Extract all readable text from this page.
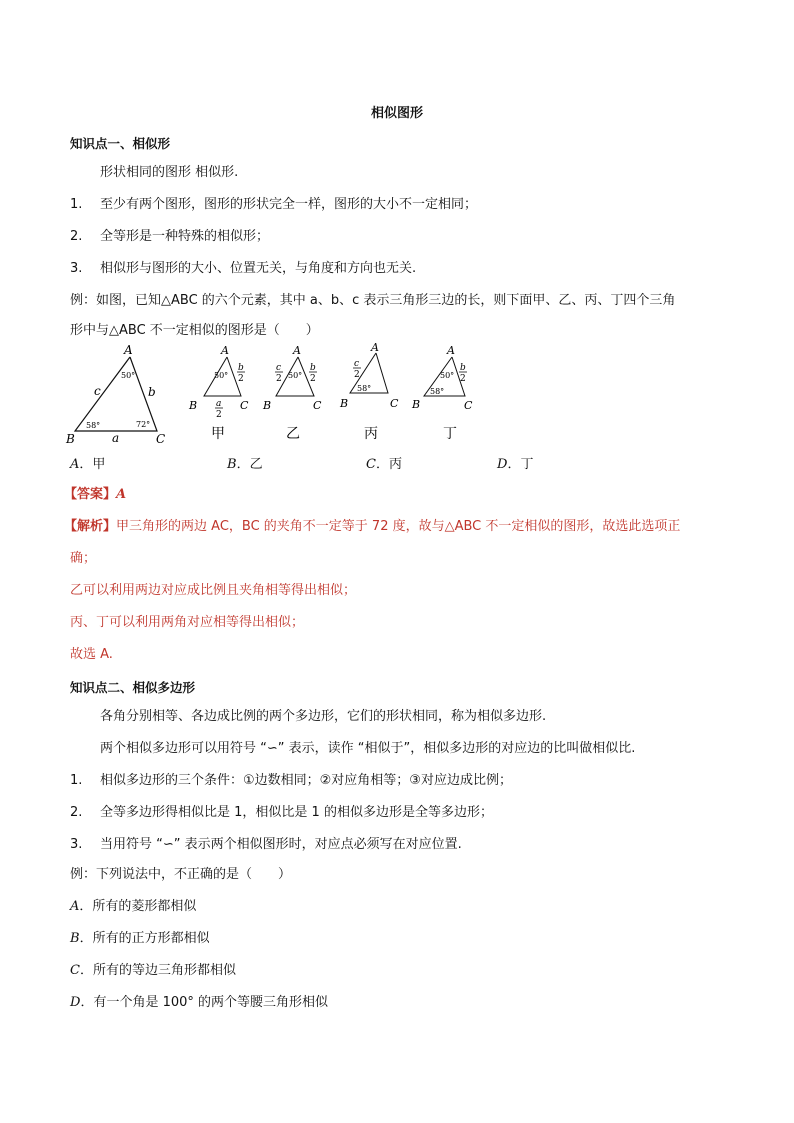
相似图形
知识点一、相似形
形状相同的图形 相似形.
1. 至少有两个图形，图形的形状完全一样，图形的大小不一定相同；
2. 全等形是一种特殊的相似形；
3. 相似形与图形的大小、位置无关，与角度和方向也无关.
例：如图，已知△ABC 的六个元素，其中 a、b、c 表示三角形三边的长，则下面甲、乙、丙、丁四个三角
形中与△ABC 不一定相似的图形是（　　）
A
B	C
c	b
a
50°
58°	72°
A
B	C
50°
b
2
a
2
甲
A
B	C
50°
c
2
b
2
乙
A
B	C
58°
c
2
丙
A
B	C
50°
58°
b
2
丁
A．甲	B．乙	C．丙	D．丁
【答案】A
【解析】甲三角形的两边 AC，BC 的夹角不一定等于 72 度，故与△ABC 不一定相似的图形，故选此选项正
确；
乙可以利用两边对应成比例且夹角相等得出相似；
丙、丁可以利用两角对应相等得出相似；
故选 A.
知识点二、相似多边形
各角分别相等、各边成比例的两个多边形，它们的形状相同，称为相似多边形.
两个相似多边形可以用符号 “∽” 表示，读作 “相似于”，相似多边形的对应边的比叫做相似比.
1. 相似多边形的三个条件：①边数相同；②对应角相等；③对应边成比例；
2. 全等多边形得相似比是 1，相似比是 1 的相似多边形是全等多边形；
3. 当用符号 “∽” 表示两个相似图形时，对应点必须写在对应位置.
例：下列说法中，不正确的是（　　）
A．所有的菱形都相似
B．所有的正方形都相似
C．所有的等边三角形都相似
D．有一个角是 100° 的两个等腰三角形相似
